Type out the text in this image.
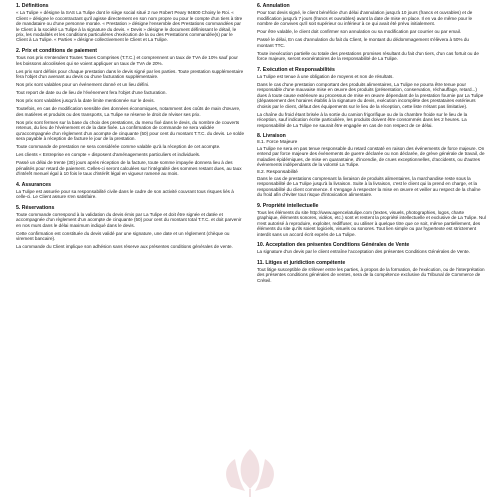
1. Définitions

« La Tulipe » désigne la SAS La Tulipe dont le siège social situé 2 rue Robert Peary 94600 Choisy le Roi. « Client » désigne le cocontractant qu'il agisse directement en son nom propre ou pour le compte d'un tiers à titre de mandataire ou d'une personne morale. « Prestation » désigne l'ensemble des Prestations commandées par le Client à la société La Tulipe à la signature du devis. « Devis » désigne le document définissant le détail, le prix, les modalités et les conditions particulières d'exécution de la ou des Prestations commandée(s) par le Client à La Tulipe. « Parties » désigne collectivement le Client et La Tulipe.

2. Prix et conditions de paiement

Tous nos prix s'entendent Toutes Taxes Comprises (T.T.C.) et comprennent un taux de TVA de 10% sauf pour les boissons alcoolisées qui se voient appliquer un taux de TVA de 20%.

Les prix sont définis pour chaque prestation dans le devis signé par les parties. Toute prestation supplémentaire fera l'objet d'un avenant au devis ou d'une facturation supplémentaire.

Nos prix sont valables pour un événement donné et un lieu défini.

Tout report de date ou de lieu de l'événement fera l'objet d'une facturation.

Nos prix sont valables jusqu'à la date limite mentionnée sur le devis.

Toutefois, en cas de modification sensible des données économiques, notamment des coûts de main d'œuvre, des matières et produits ou des transports, La Tulipe se réserve le droit de réviser ses prix.

Nos prix sont fermes sur la base du choix des prestations, du menu fixé dans le devis, du nombre de couverts retenus, du lieu de l'événement et de la date fixée. La confirmation de commande ne sera validée qu'accompagnée d'un règlement d'un acompte de cinquante (50) pour cent du montant T.T.C. du devis. Le solde sera payable à réception de facture le jour de la prestation.

Toute commande de prestation ne sera considérée comme valable qu'à la réception de cet acompte.

Les clients « Entreprise en compte » disposent d'aménagements particuliers et individuels.

Passé un délai de trente (30) jours après réception de la facture, toute somme impayée donnera lieu à des pénalités pour retard de paiement. Celles-ci seront calculées sur l'intégralité des sommes restant dues, au taux d'intérêt menuel égal à 10 fois le taux d'intérêt légal en vigueur ramené au mois.

4. Assurances

La Tulipe est assurée pour sa responsabilité civile dans le cadre de son activité couvrant tous risques liés à celle-ci. Le Client assure s'en satisfaire.

5. Réservations

Toute commande correspond à la validation du devis émis par La Tulipe et doit être signée et datée et accompagnée d'un règlement d'un acompte de cinquante (50) pour cent du montant total T.T.C. et doit parvenir en nos murs dans le délai maximum indiqué dans le devis.

Cette confirmation est constituée du devis validé par une signature, une date et un règlement (chèque ou virement bancaire).

La commande du Client implique son adhésion sans réserve aux présentes conditions générales de vente.

6. Annulation

Pour tout devis signé, le client bénéficie d'un délai d'annulation jusqu'à 10 jours (francs et ouvrables) et de modification jusqu'à 7 jours (francs et ouvrables) avant la date de mise en place. Il en va de même pour le nombre de convives qu'il soit supérieur ou inférieur à ce qui avait été prévu initialement.

Pour être valable, le client doit confirmer son annulation ou sa modification par courrier ou par email.

Passé le délai, En cas d'annulation du fait du Client, le montant du dédommagement s'élèvera à 50% du montant TTC.

Toute inexécution partielle ou totale des prestations promises résultant du fait d'un tiers, d'un cas fortuit ou de force majeure, seront exonératoires de la responsabilité de La Tulipe.

7. Exécution et Responsabilités

La Tulipe est tenue à une obligation de moyens et non de résultats.

Dans le cas d'une prestation comportant des produits alimentaires, La Tulipe ne pourra être tenue pour responsable d'une mauvaise mise en œuvre des produits (présentation, conservation, réchauffage, retard...) dues à toute cause extérieure au processus de mise en œuvre dépendant de la prestation fournie par La Tulipe (dépassement des horaires établis à la signature du devis, exécution incomplète des prestataires extérieurs choisis par le client, défaut des équipements sur le lieu de la réception, cette liste n'étant pas limitative).

La chaîne du froid étant brisée à la sortie du camion frigorifique ou de la chambre froide sur le lieu de la réception, sauf indication écrite particulière, les produits doivent être consommés dans les 2 heures. La responsabilité de La Tulipe ne saurait être engagée en cas de non respect de ce délai.

8. Livraison
8.1. Force Majeure

La Tulipe ne sera en pas tenue responsable du retard constaté en raison des événements de force majeure. On entend par force majeure des événements de guerre déclarée ou non déclarée, de grève générale de travail, de maladies épidémiques, de mise en quarantaine, d'incendie, de crues exceptionnelles, d'accidents, ou d'autres événements indépendants de la volonté La Tulipe.

8.2. Responsabilité

Dans le cas de prestations comprenant la livraison de produits alimentaires, la marchandise reste sous la responsabilité de La Tulipe jusqu'à la livraison. Suite à la livraison, c'est le client qui la prend en charge, et la responsabilité du client commence. Il s'engage à respecter la mise en œuvre et veiller au respect de la chaîne du froid afin d'éviter tout risque d'intoxication alimentaire.

9. Propriété intellectuelle

Tous les éléments du site http://www.agencelatulipe.com (textes, visuels, photographies, logos, charte graphique, éléments sonores, vidéos, etc.) sont et restent la propriété intellectuelle et exclusive de La Tulipe. Nul n'est autorisé à reproduire, exploiter, rediffuser, ou utiliser à quelque titre que ce soit, même partiellement, des éléments du site qu'ils soient logiciels, visuels ou sonores. Tout lien simple ou par hypertexte est strictement interdit sans un accord écrit exprès de La Tulipe.

10. Acceptation des présentes Conditions Générales de Vente

La signature d'un devis par le client entraîne l'acceptation des présentes Conditions Générales de Vente.

11. Litiges et juridiction compétente

Tout litige susceptible de s'élever entre les parties, à propos de la formation, de l'exécution, ou de l'interprétation des présentes conditions générales de ventes, sera de la compétence exclusive du Tribunal de Commerce de Créteil.
